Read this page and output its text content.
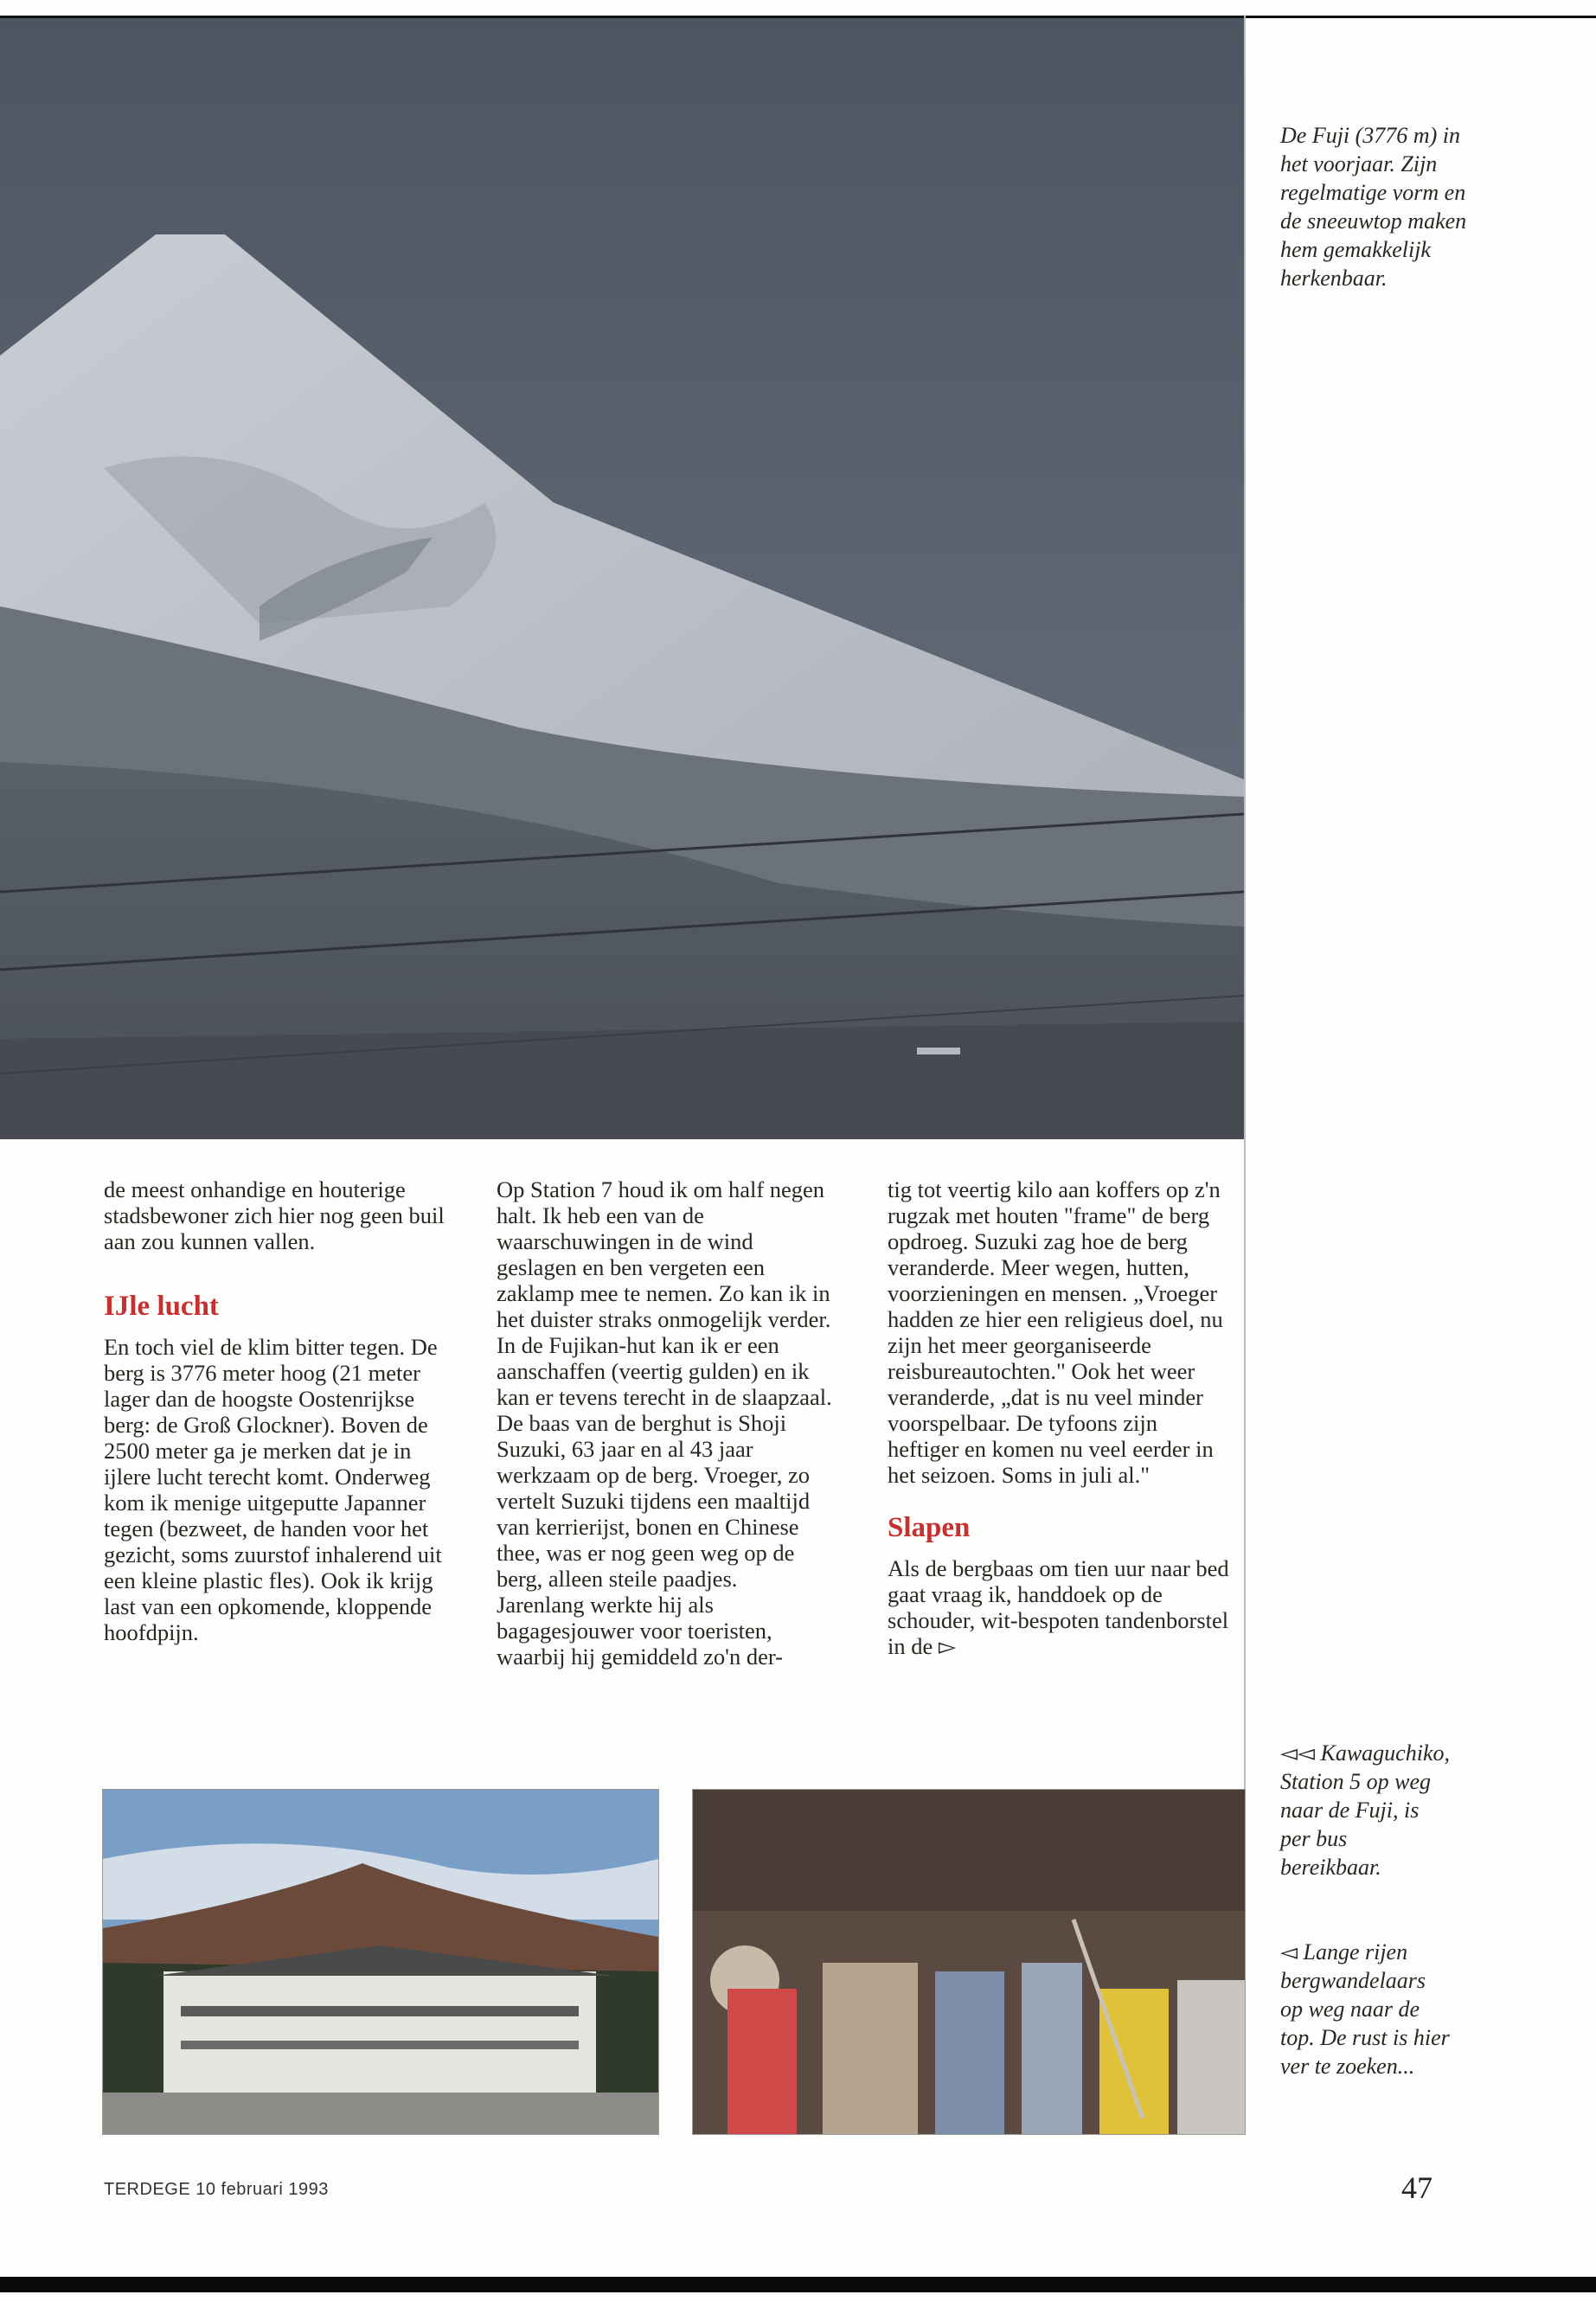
De Fuji (3776 m) in het voorjaar. Zijn regelmatige vorm en de sneeuwtop maken hem gemakkelijk herkenbaar.

de meest onhandige en houterige stadsbewoner zich hier nog geen buil aan zou kunnen vallen.

IJle lucht

En toch viel de klim bitter tegen. De berg is 3776 meter hoog (21 meter lager dan de hoogste Oostenrijkse berg: de Groß Glockner). Boven de 2500 meter ga je merken dat je in ijlere lucht terecht komt. Onderweg kom ik menige uitgeputte Japanner tegen (bezweet, de handen voor het gezicht, soms zuurstof inhalerend uit een kleine plastic fles). Ook ik krijg last van een opkomende, kloppende hoofdpijn.

Op Station 7 houd ik om half negen halt. Ik heb een van de waarschuwingen in de wind geslagen en ben vergeten een zaklamp mee te nemen. Zo kan ik in het duister straks onmogelijk verder. In de Fujikan-hut kan ik er een aanschaffen (veertig gulden) en ik kan er tevens terecht in de slaapzaal.

De baas van de berghut is Shoji Suzuki, 63 jaar en al 43 jaar werkzaam op de berg. Vroeger, zo vertelt Suzuki tijdens een maaltijd van kerrierijst, bonen en Chinese thee, was er nog geen weg op de berg, alleen steile paadjes.

Jarenlang werkte hij als bagagesjouwer voor toeristen, waarbij hij gemiddeld zo'n der-

tig tot veertig kilo aan koffers op z'n rugzak met houten "frame" de berg opdroeg. Suzuki zag hoe de berg veranderde. Meer wegen, hutten, voorzieningen en mensen. „Vroeger hadden ze hier een religieus doel, nu zijn het meer georganiseerde reisbureautochten." Ook het weer veranderde, „dat is nu veel minder voorspelbaar. De tyfoons zijn heftiger en komen nu veel eerder in het seizoen. Soms in juli al."

Slapen

Als de bergbaas om tien uur naar bed gaat vraag ik, handdoek op de schouder, wit-bespoten tandenborstel in de ▻

◅◅ Kawaguchiko, Station 5 op weg naar de Fuji, is per bus bereikbaar.
◅ Lange rijen bergwandelaars op weg naar de top. De rust is hier ver te zoeken...
TERDEGE 10 februari 1993	47
